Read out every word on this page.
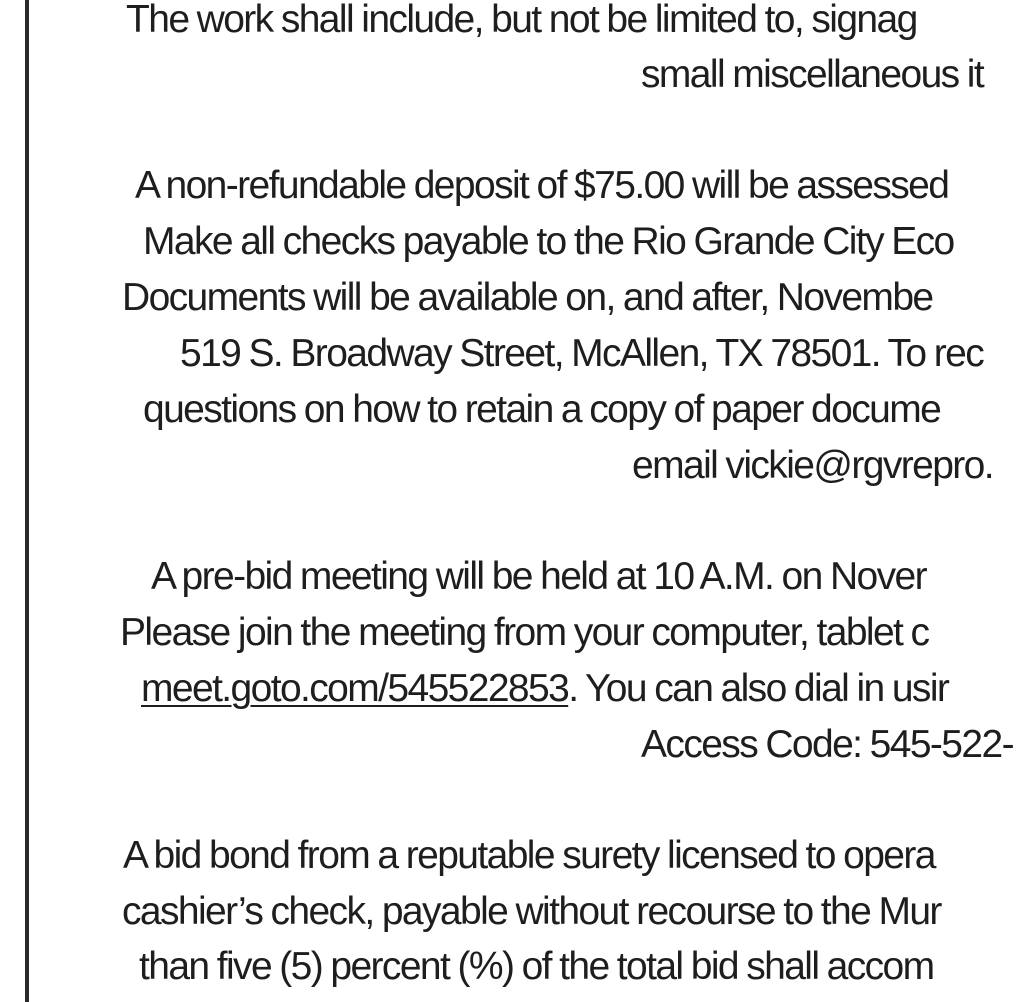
The work shall include, but not be limited to, signag
small miscellaneous it
A non-refundable deposit of $75.00 will be assessed
Make all checks payable to the Rio Grande City Eco
Documents will be available on, and after, Novembe
519 S. Broadway Street, McAllen, TX 78501. To rec
questions on how to retain a copy of paper docume
email vickie@rgvrepro.
A pre-bid meeting will be held at 10 A.M. on Nover
Please join the meeting from your computer, tablet c
meet.goto.com/545522853. You can also dial in usir
Access Code: 545-522-
A bid bond from a reputable surety licensed to opera
cashier’s check, payable without recourse to the Mur
than five (5) percent (%) of the total bid shall accom
